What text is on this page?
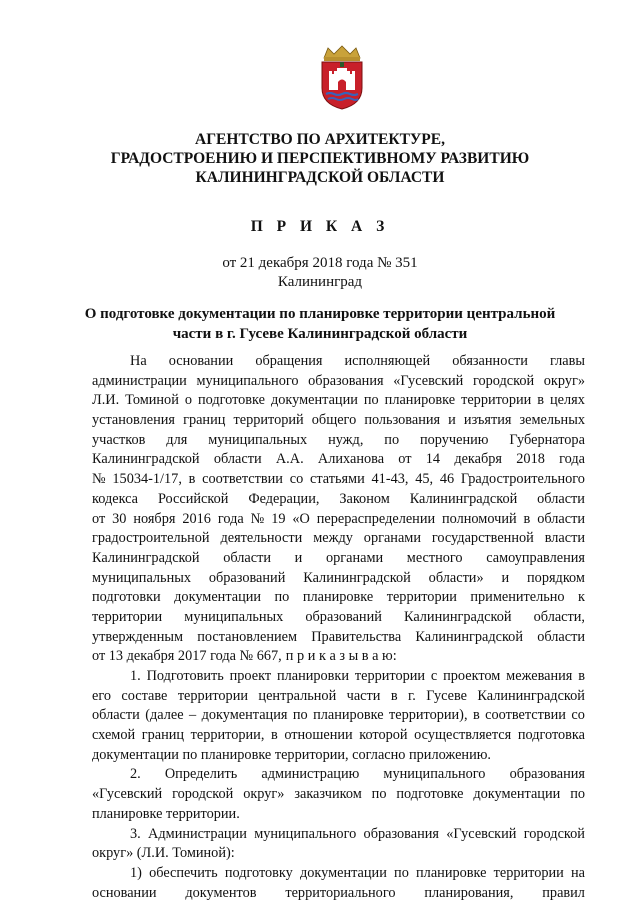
АГЕНТСТВО ПО АРХИТЕКТУРЕ,
ГРАДОСТРОЕНИЮ И ПЕРСПЕКТИВНОМУ РАЗВИТИЮ
КАЛИНИНГРАДСКОЙ ОБЛАСТИ
П Р И К А З
от 21 декабря 2018 года № 351
Калининград
О подготовке документации по планировке территории центральной
части в г. Гусеве Калининградской области
На основании обращения исполняющей обязанности главы
администрации муниципального образования «Гусевский городской округ»
Л.И. Томиной о подготовке документации по планировке территории в целях
установления границ территорий общего пользования и изъятия земельных
участков для муниципальных нужд, по поручению Губернатора
Калининградской области А.А. Алиханова от 14 декабря 2018 года
№ 15034-1/17, в соответствии со статьями 41-43, 45, 46 Градостроительного
кодекса Российской Федерации, Законом Калининградской области
от 30 ноября 2016 года № 19 «О перераспределении полномочий в области
градостроительной деятельности между органами государственной власти
Калининградской области и органами местного самоуправления
муниципальных образований Калининградской области» и порядком
подготовки документации по планировке территории применительно к
территории муниципальных образований Калининградской области,
утвержденным постановлением Правительства Калининградской области
от 13 декабря 2017 года № 667, п р и к а з ы в а ю:
1. Подготовить проект планировки территории с проектом межевания в
его составе территории центральной части в г. Гусеве Калининградской
области (далее – документация по планировке территории), в соответствии со
схемой границ территории, в отношении которой осуществляется подготовка
документации по планировке территории, согласно приложению.
2. Определить администрацию муниципального образования
«Гусевский городской округ» заказчиком по подготовке документации по
планировке территории.
3. Администрации муниципального образования «Гусевский городской
округ» (Л.И. Томиной):
1) обеспечить подготовку документации по планировке территории на
основании документов территориального планирования, правил
